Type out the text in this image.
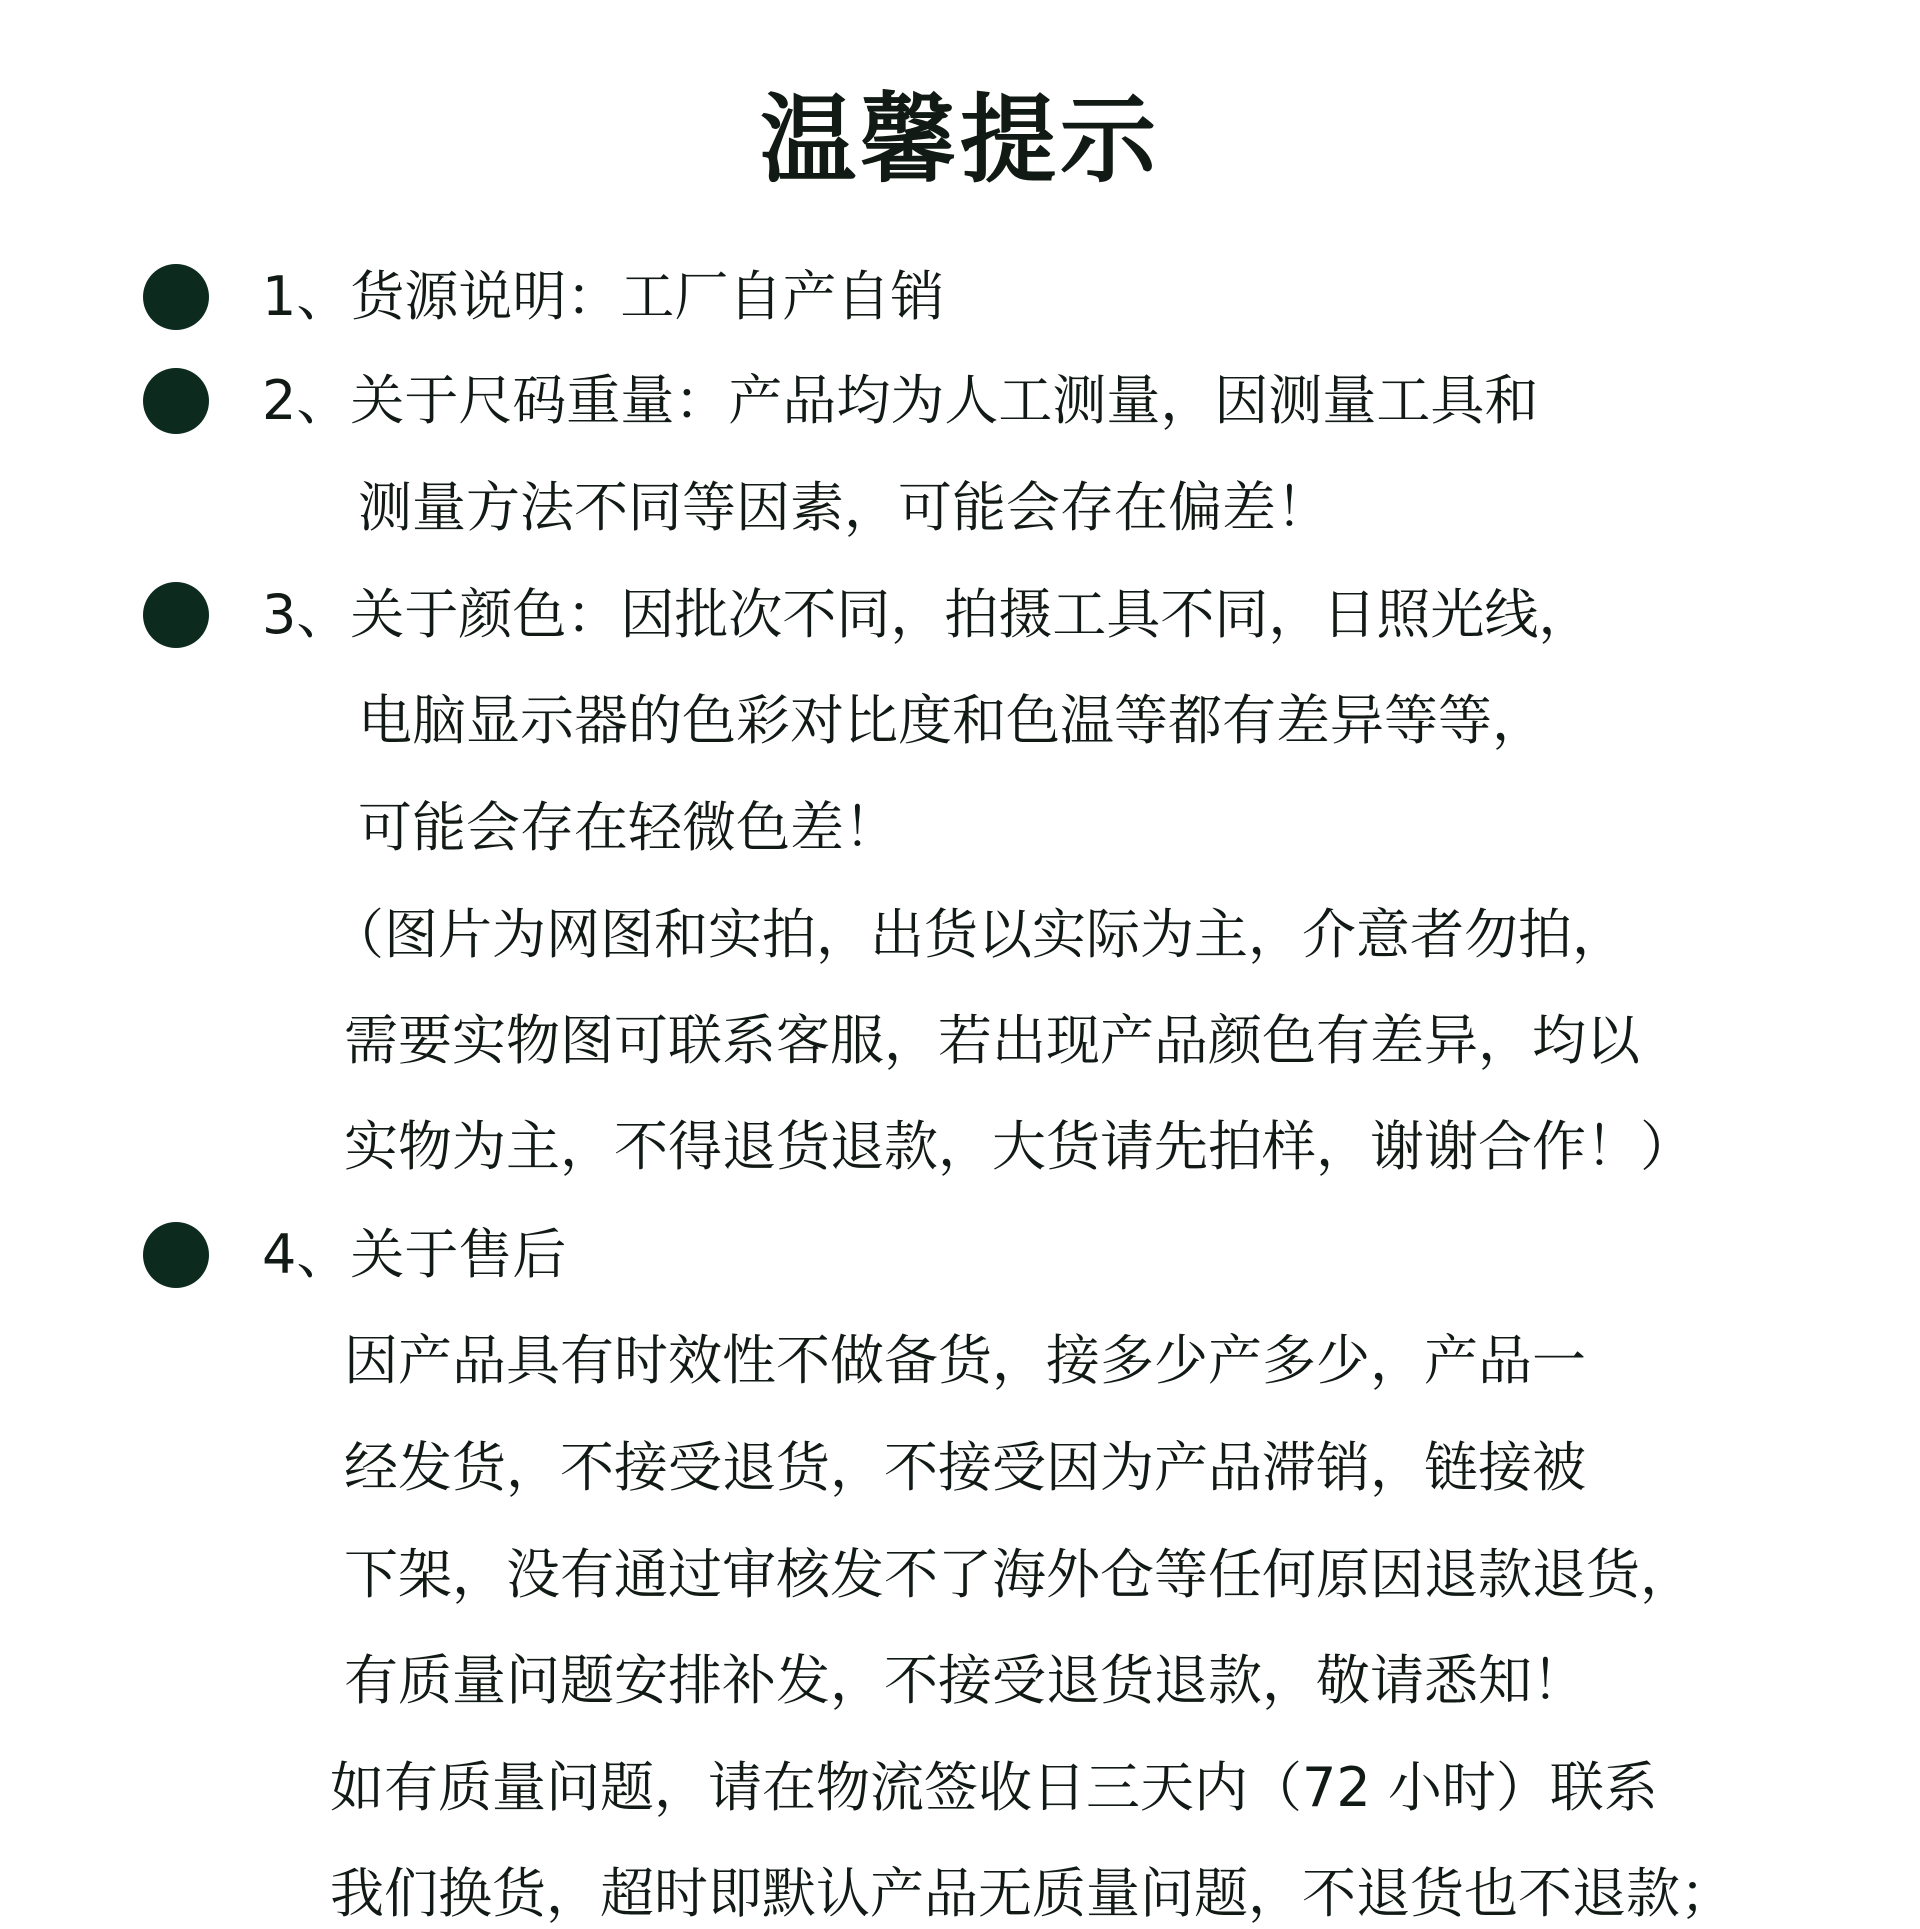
温馨提示
1、货源说明：工厂自产自销
2、关于尺码重量：产品均为人工测量，因测量工具和
测量方法不同等因素，可能会存在偏差！
3、关于颜色：因批次不同，拍摄工具不同，日照光线，
电脑显示器的色彩对比度和色温等都有差异等等，
可能会存在轻微色差！
（图片为网图和实拍，出货以实际为主，介意者勿拍，
需要实物图可联系客服，若出现产品颜色有差异，均以
实物为主，不得退货退款，大货请先拍样，谢谢合作！）
4、关于售后
因产品具有时效性不做备货，接多少产多少，产品一
经发货，不接受退货，不接受因为产品滞销，链接被
下架，没有通过审核发不了海外仓等任何原因退款退货，
有质量问题安排补发，不接受退货退款，敬请悉知！
如有质量问题，请在物流签收日三天内（72 小时）联系
我们换货，超时即默认产品无质量问题，不退货也不退款；
